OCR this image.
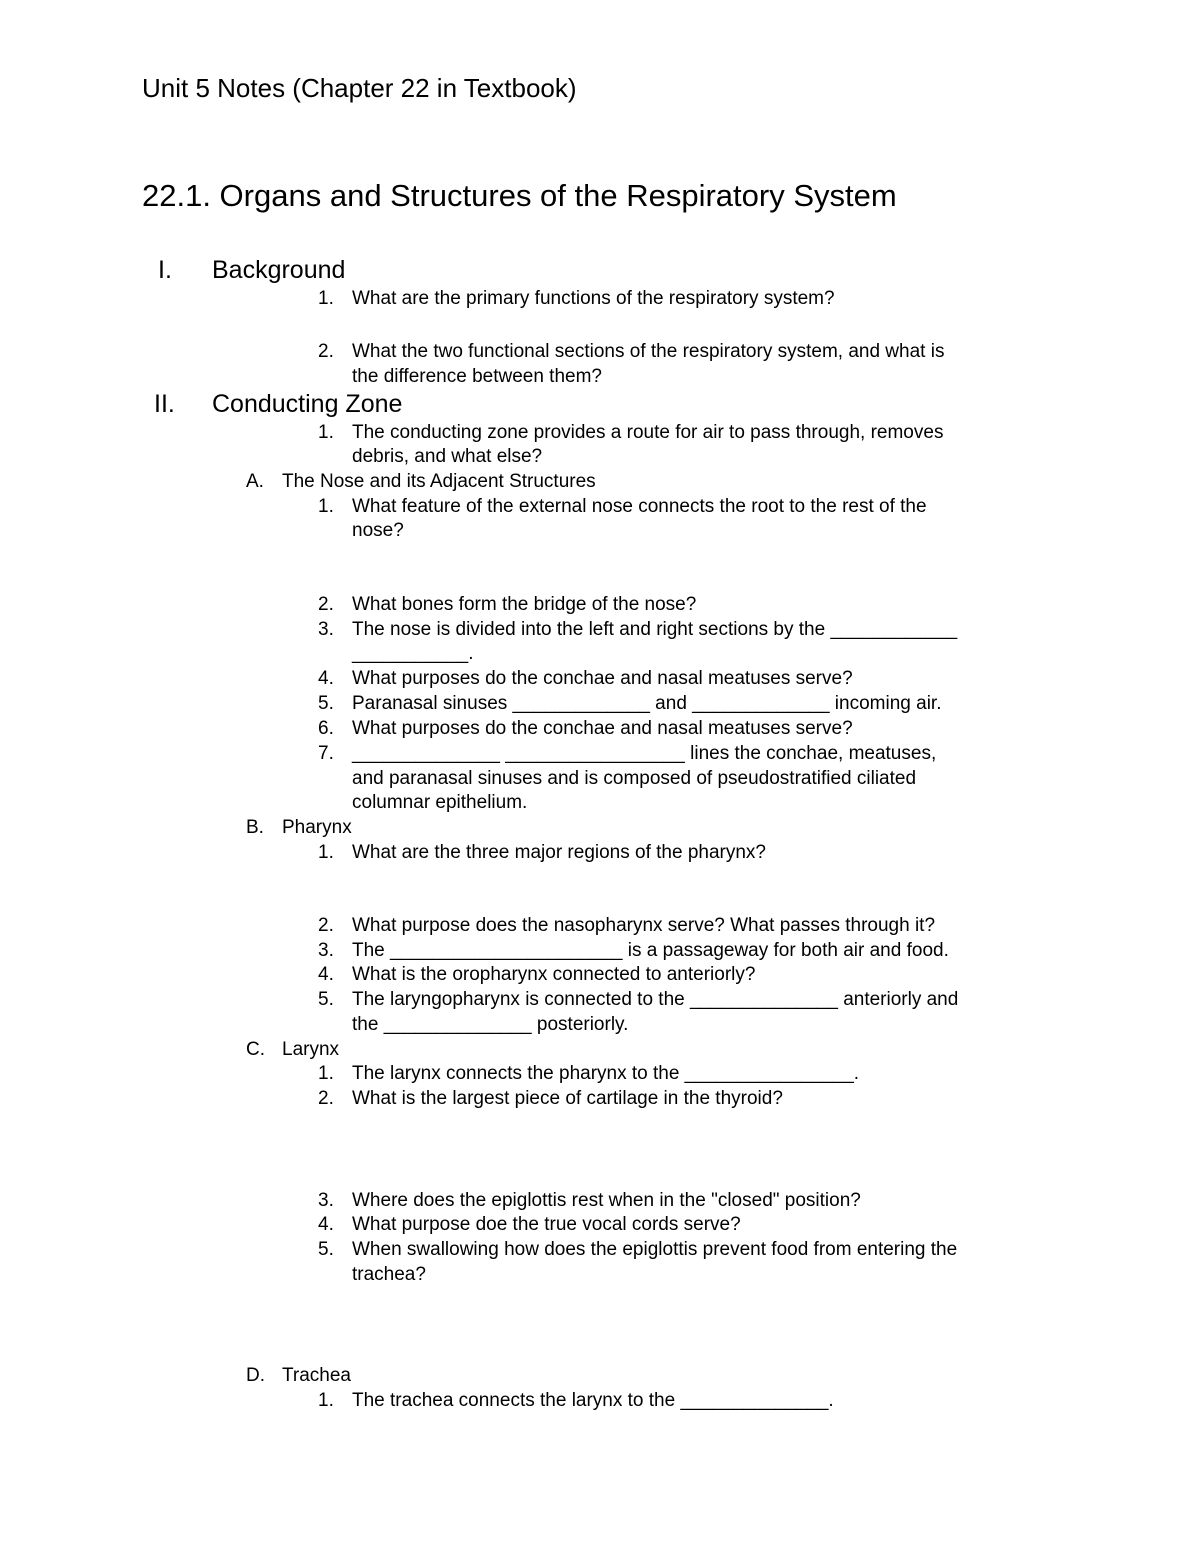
Unit 5 Notes (Chapter 22 in Textbook)

22.1. Organs and Structures of the Respiratory System

I. Background
1. What are the primary functions of the respiratory system?
2. What the two functional sections of the respiratory system, and what is
the difference between them?
II. Conducting Zone
1. The conducting zone provides a route for air to pass through, removes
debris, and what else?
A. The Nose and its Adjacent Structures
1. What feature of the external nose connects the root to the rest of the
nose?
2. What bones form the bridge of the nose?
3. The nose is divided into the left and right sections by the ____________
___________.
4. What purposes do the conchae and nasal meatuses serve?
5. Paranasal sinuses _____________ and _____________ incoming air.
6. What purposes do the conchae and nasal meatuses serve?
7. ______________ _________________ lines the conchae, meatuses,
and paranasal sinuses and is composed of pseudostratified ciliated
columnar epithelium.
B. Pharynx
1. What are the three major regions of the pharynx?
2. What purpose does the nasopharynx serve? What passes through it?
3. The ______________________ is a passageway for both air and food.
4. What is the oropharynx connected to anteriorly?
5. The laryngopharynx is connected to the ______________ anteriorly and
the ______________ posteriorly.
C. Larynx
1. The larynx connects the pharynx to the ________________.
2. What is the largest piece of cartilage in the thyroid?
3. Where does the epiglottis rest when in the "closed" position?
4. What purpose doe the true vocal cords serve?
5. When swallowing how does the epiglottis prevent food from entering the
trachea?
D. Trachea
1. The trachea connects the larynx to the ______________.
